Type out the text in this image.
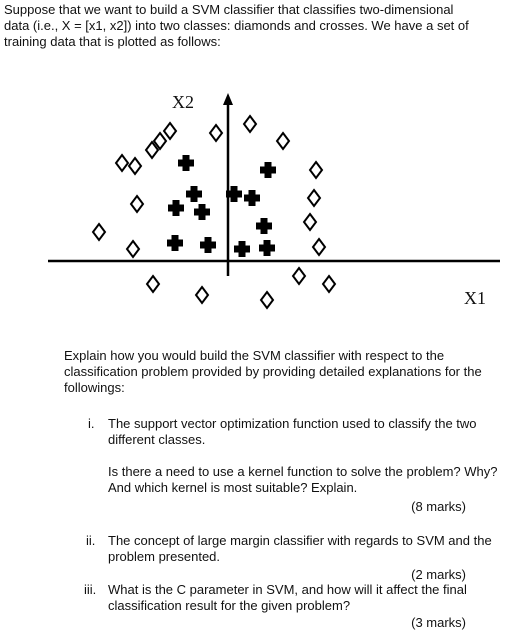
Suppose that we want to build a SVM classifier that classifies two-dimensional
data (i.e., X = [x1, x2]) into two classes: diamonds and crosses. We have a set of
training data that is plotted as follows:
X2
X1
Explain how you would build the SVM classifier with respect to the classification problem provided by providing detailed explanations for the followings:
i.	The support vector optimization function used to classify the two different classes.
Is there a need to use a kernel function to solve the problem? Why? And which kernel is most suitable? Explain.
(8 marks)
ii. The concept of large margin classifier with regards to SVM and the problem presented.
(2 marks)
iii. What is the C parameter in SVM, and how will it affect the final classification result for the given problem?
(3 marks)
